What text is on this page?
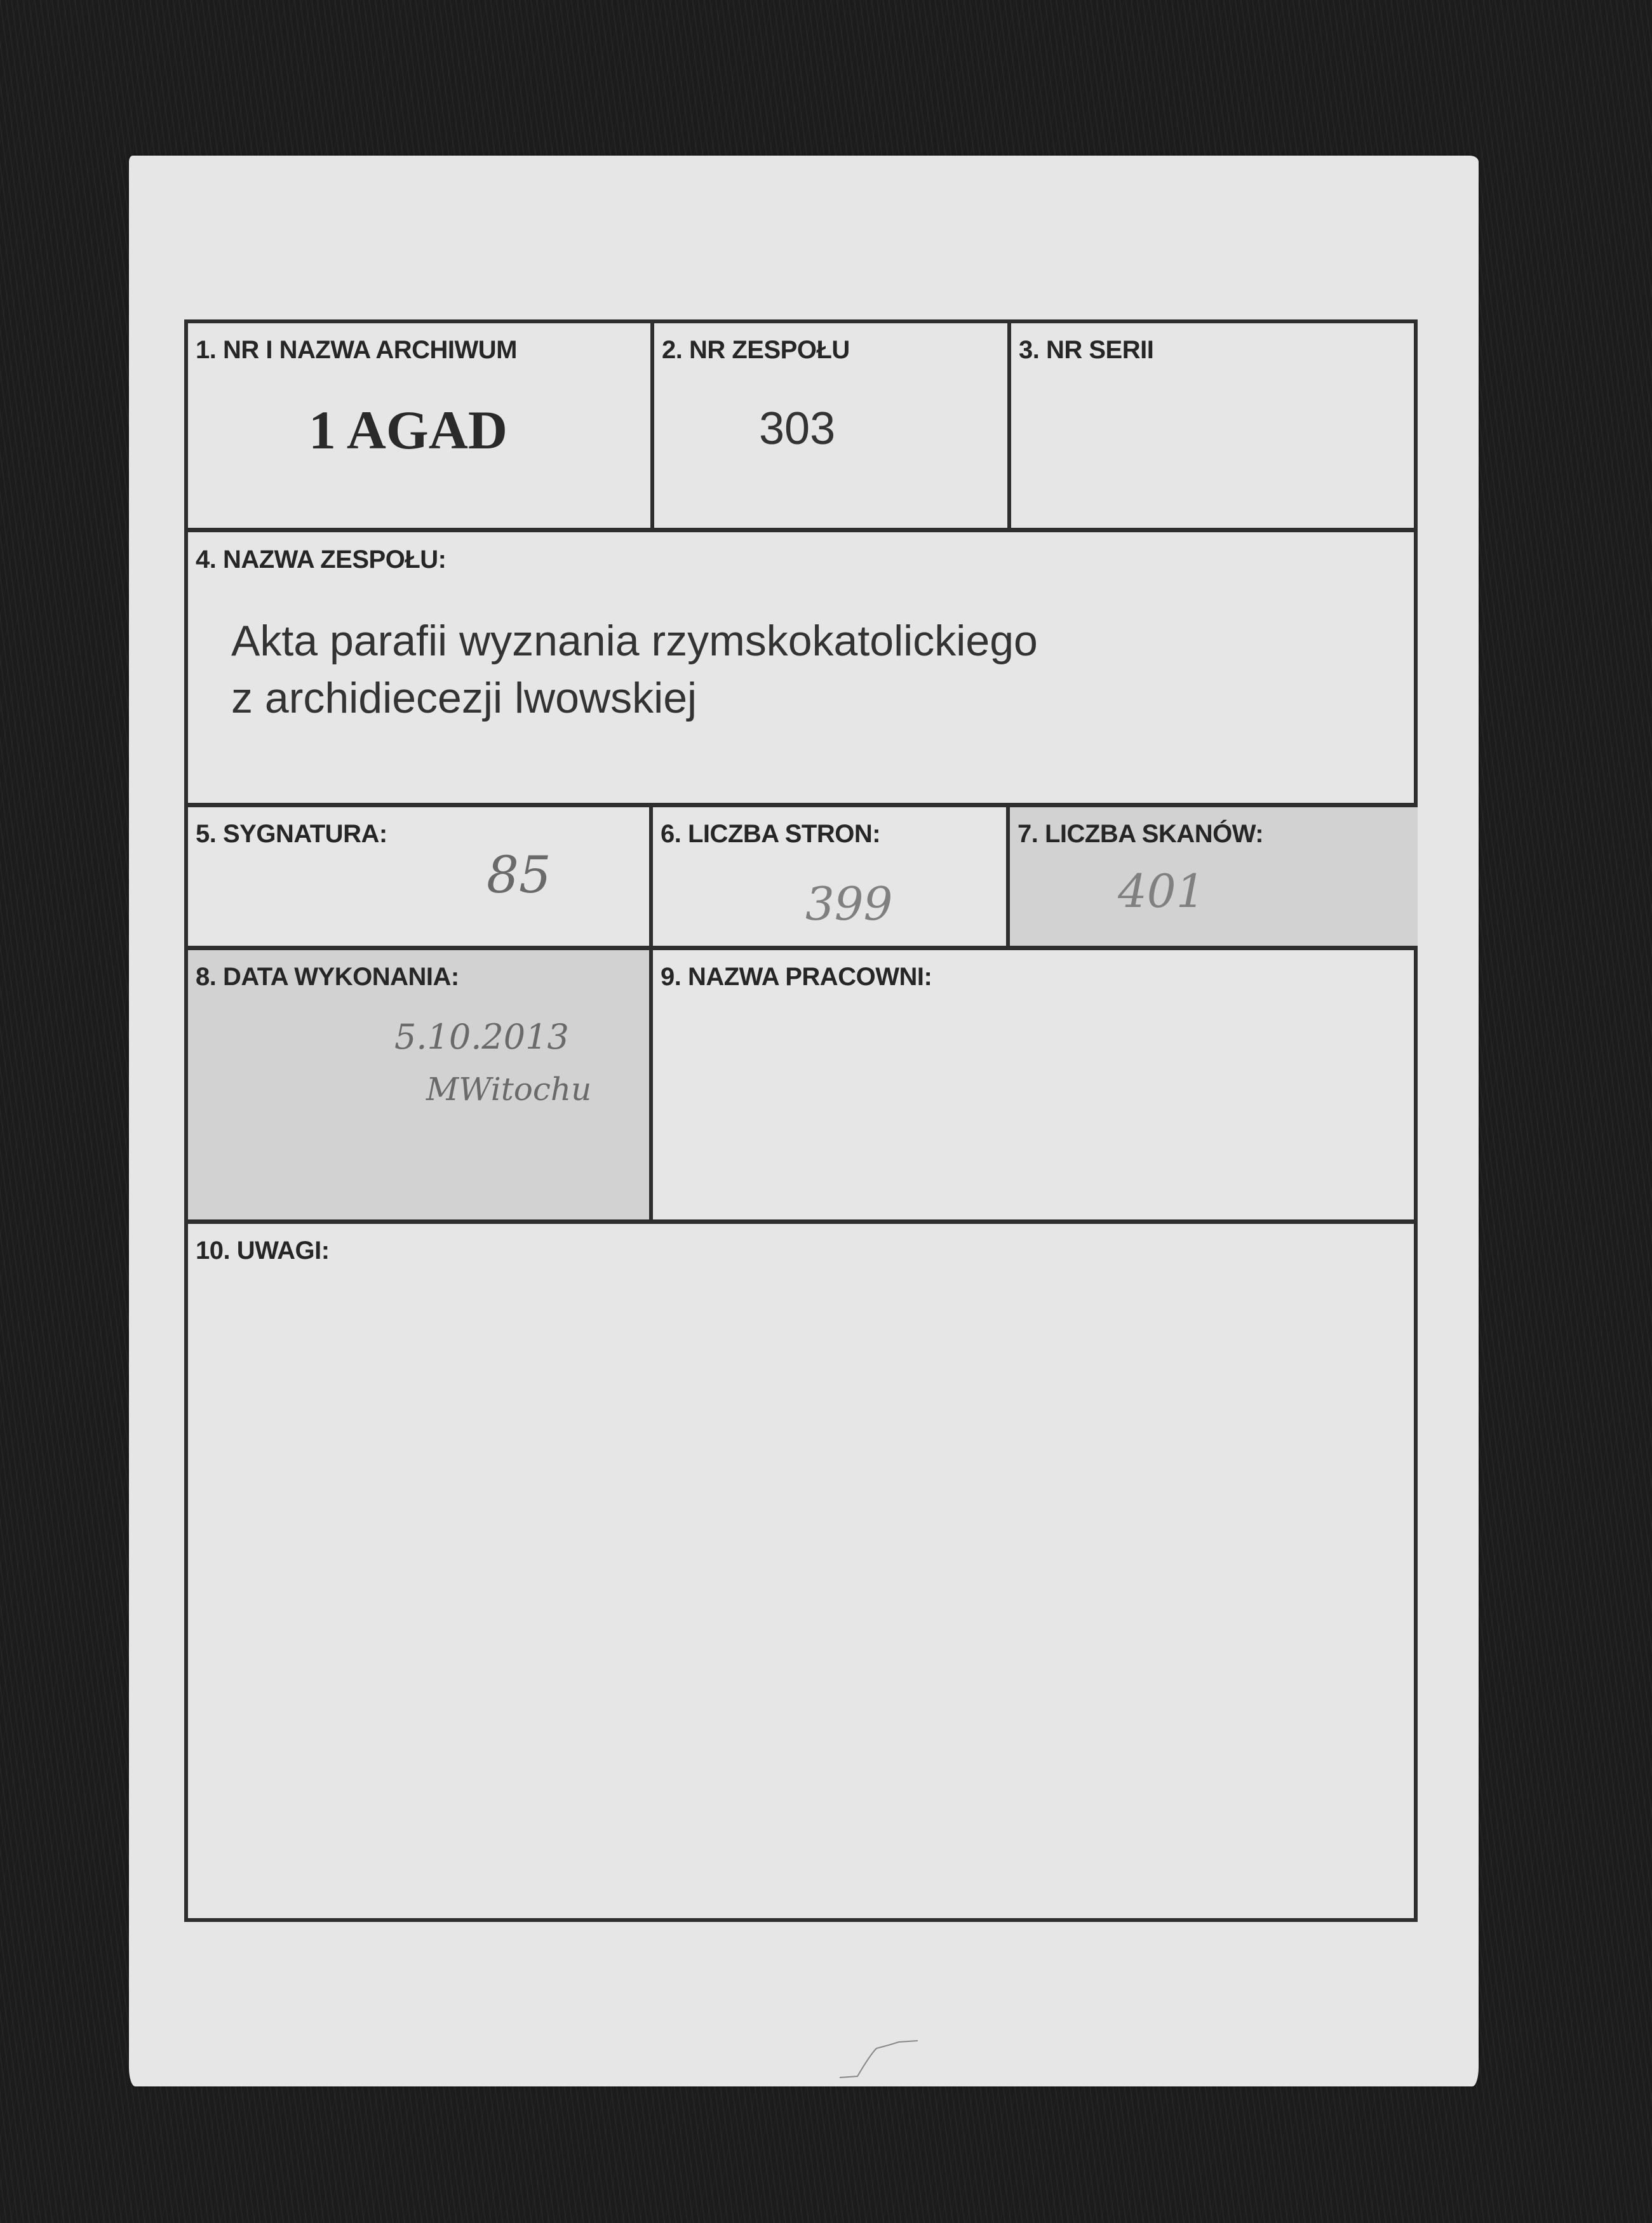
1. NR I NAZWA ARCHIWUM
1 AGAD
2. NR ZESPOŁU
303
3. NR SERII
4. NAZWA ZESPOŁU:
Akta parafii wyznania rzymskokatolickiego
z archidiecezji lwowskiej
5. SYGNATURA:
85
6. LICZBA STRON:
399
7. LICZBA SKANÓW:
401
8. DATA WYKONANIA:
5.10.2013
MWitochu
9. NAZWA PRACOWNI:
10. UWAGI:
